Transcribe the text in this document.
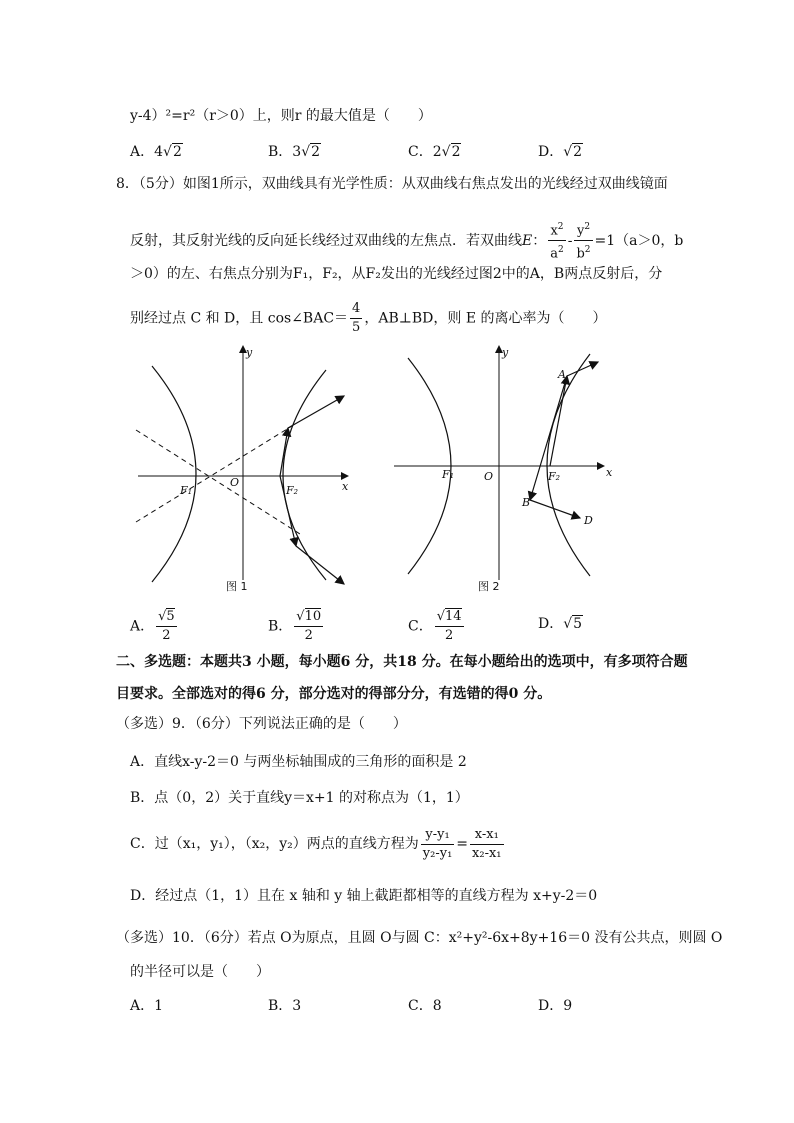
y-4）²=r²（r＞0）上，则r 的最大值是（　　）
A．4√2	B．3√2	C．2√2	D．√2
8．（5分）如图1所示，双曲线具有光学性质：从双曲线右焦点发出的光线经过双曲线镜面
反射，其反射光线的反向延长线经过双曲线的左焦点．若双曲线E： $\frac{x^2}{a^2} - \frac{y^2}{b^2} =1(a>0$，b
＞0）的左、右焦点分别为F₁，F₂，从F₂发出的光线经过图2中的A，B两点反射后，分
别经过点 C 和 D，且 cos∠BAC＝ $\frac{4}{5}$ ，AB⊥BD，则 E 的离心率为（　　）
y
x
O
F₁	F₂
图 1
y
x
O
F₁	F₂
A
B
D
图 2
A． $\frac{√5}{2}$	B． $\frac{√10}{2}$	C． $\frac{√14}{2}$	D．√5
二、多选题：本题共3 小题，每小题6 分，共18 分。在每小题给出的选项中，有多项符合题
目要求。全部选对的得6 分，部分选对的得部分分，有选错的得0 分。
（多选）9．（6分）下列说法正确的是（　　）
A．直线x-y-2＝0 与两坐标轴围成的三角形的面积是 2
B．点（0，2）关于直线y＝x+1 的对称点为（1，1）
C．过（x₁，y₁），（x₂，y₂）两点的直线方程为 $\frac{\text{y-y₁}}{\text{y₂-y₁}} = \frac{\text{x-x₁}}{\text{x₂-x₁}}$
D．经过点（1，1）且在 x 轴和 y 轴上截距都相等的直线方程为 x+y-2＝0
（多选）10．（6分）若点 O为原点，且圆 O与圆 C：x²+y²-6x+8y+16＝0 没有公共点，则圆 O
的半径可以是（　　）
A．1	B．3	C．8	D．9
